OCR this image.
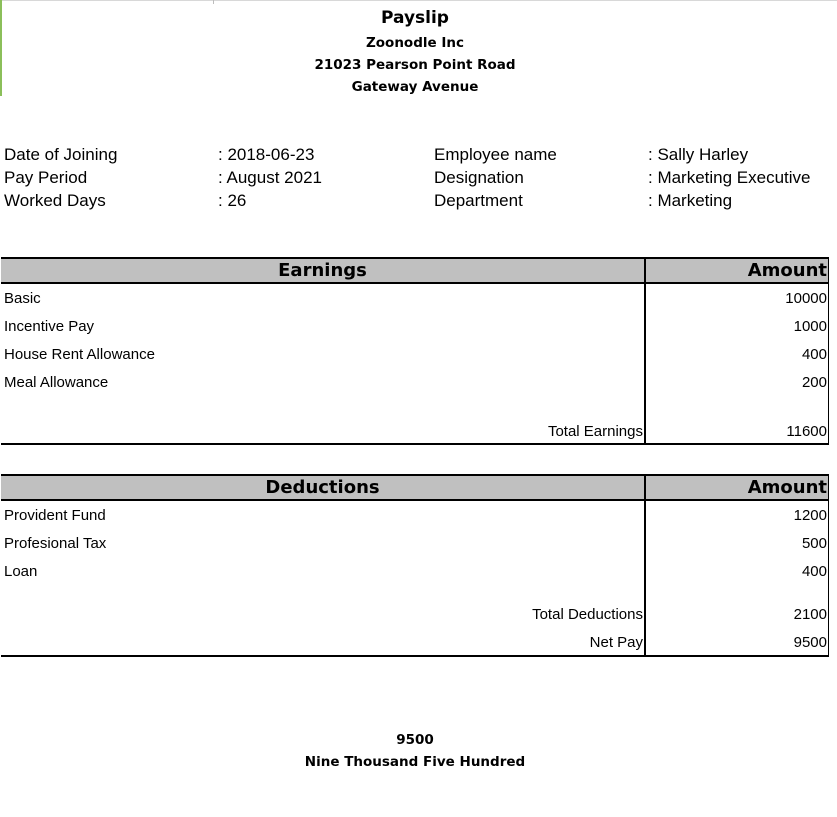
Payslip
Zoonodle Inc
21023 Pearson Point Road
Gateway Avenue
Date of Joining	: 2018-06-23
Pay Period	: August 2021
Worked Days	: 26
Employee name	: Sally Harley
Designation	: Marketing Executive
Department	: Marketing
Earnings	Amount
Basic	10000
Incentive Pay	1000
House Rent Allowance	400
Meal Allowance	200
Total Earnings	11600
Deductions	Amount
Provident Fund	1200
Profesional Tax	500
Loan	400
Total Deductions	2100
Net Pay	9500
9500
Nine Thousand Five Hundred
